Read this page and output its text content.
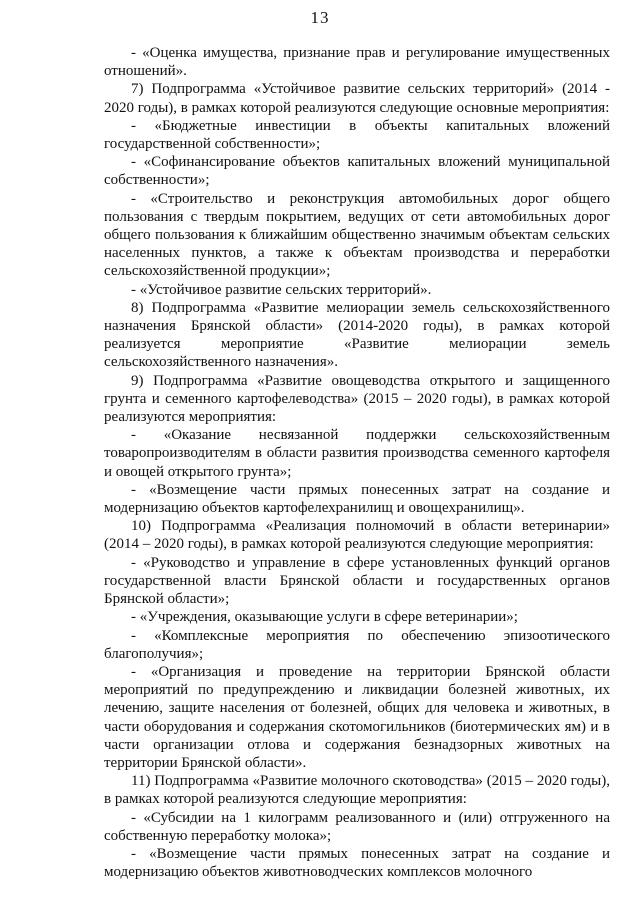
13

- «Оценка имущества, признание прав и регулирование имущественных отношений».

7) Подпрограмма «Устойчивое развитие сельских территорий» (2014 - 2020 годы), в рамках которой реализуются следующие основные мероприятия:

- «Бюджетные инвестиции в объекты капитальных вложений государственной собственности»;

- «Софинансирование объектов капитальных вложений муниципальной собственности»;

- «Строительство и реконструкция автомобильных дорог общего пользования с твердым покрытием, ведущих от сети автомобильных дорог общего пользования к ближайшим общественно значимым объектам сельских населенных пунктов, а также к объектам производства и переработки сельскохозяйственной продукции»;

- «Устойчивое развитие сельских территорий».

8) Подпрограмма «Развитие мелиорации земель сельскохозяйственного назначения Брянской области» (2014-2020 годы), в рамках которой реализуется мероприятие «Развитие мелиорации земель сельскохозяйственного назначения».

9) Подпрограмма «Развитие овощеводства открытого и защищенного грунта и семенного картофелеводства» (2015 – 2020 годы), в рамках которой реализуются мероприятия:

- «Оказание несвязанной поддержки сельскохозяйственным товаропроизводителям в области развития производства семенного картофеля и овощей открытого грунта»;

- «Возмещение части прямых понесенных затрат на создание и модернизацию объектов картофелехранилищ и овощехранилищ».

10) Подпрограмма «Реализация полномочий в области ветеринарии» (2014 – 2020 годы), в рамках которой реализуются следующие мероприятия:

- «Руководство и управление в сфере установленных функций органов государственной власти Брянской области и государственных органов Брянской области»;

- «Учреждения, оказывающие услуги в сфере ветеринарии»;

- «Комплексные мероприятия по обеспечению эпизоотического благополучия»;

- «Организация и проведение на территории Брянской области мероприятий по предупреждению и ликвидации болезней животных, их лечению, защите населения от болезней, общих для человека и животных, в части оборудования и содержания скотомогильников (биотермических ям) и в части организации отлова и содержания безнадзорных животных на территории Брянской области».

11) Подпрограмма «Развитие молочного скотоводства» (2015 – 2020 годы), в рамках которой реализуются следующие мероприятия:

- «Субсидии на 1 килограмм реализованного и (или) отгруженного на собственную переработку молока»;

- «Возмещение части прямых понесенных затрат на создание и модернизацию объектов животноводческих комплексов молочного
